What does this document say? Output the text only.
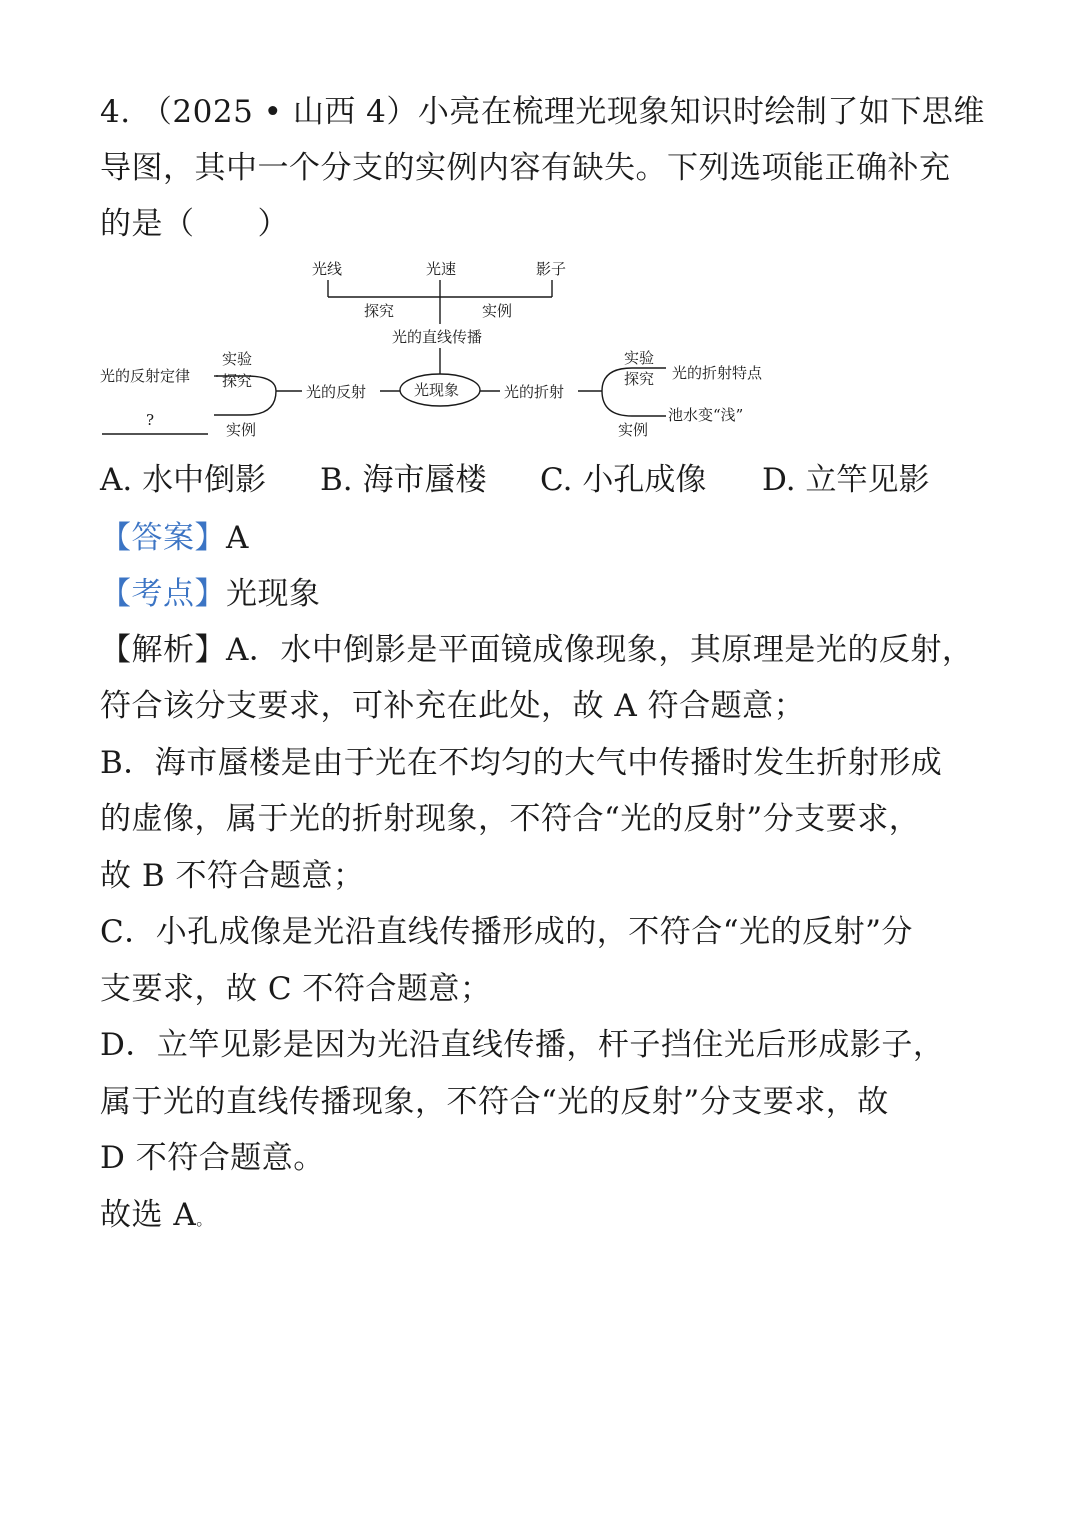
4. （2025 • 山西 4）小亮在梳理光现象知识时绘制了如下思维
导图，其中一个分支的实例内容有缺失。下列选项能正确补充
的是（　　）
光线	光速	影子
探究	实例
光的直线传播
光现象
光的反射	光的折射
光的反射定律
实验
探究
?
实例
实验
探究 光的折射特点
池水变“浅”
实例
A. 水中倒影 B. 海市蜃楼 C. 小孔成像 D. 立竿见影
【答案】A
【考点】光现象
【解析】A．水中倒影是平面镜成像现象，其原理是光的反射，
符合该分支要求，可补充在此处，故 A 符合题意；
B．海市蜃楼是由于光在不均匀的大气中传播时发生折射形成
的虚像，属于光的折射现象，不符合“光的反射”分支要求，
故 B 不符合题意；
C．小孔成像是光沿直线传播形成的，不符合“光的反射”分
支要求，故 C 不符合题意；
D．立竿见影是因为光沿直线传播，杆子挡住光后形成影子，
属于光的直线传播现象，不符合“光的反射”分支要求，故
D 不符合题意。
故选 A。
